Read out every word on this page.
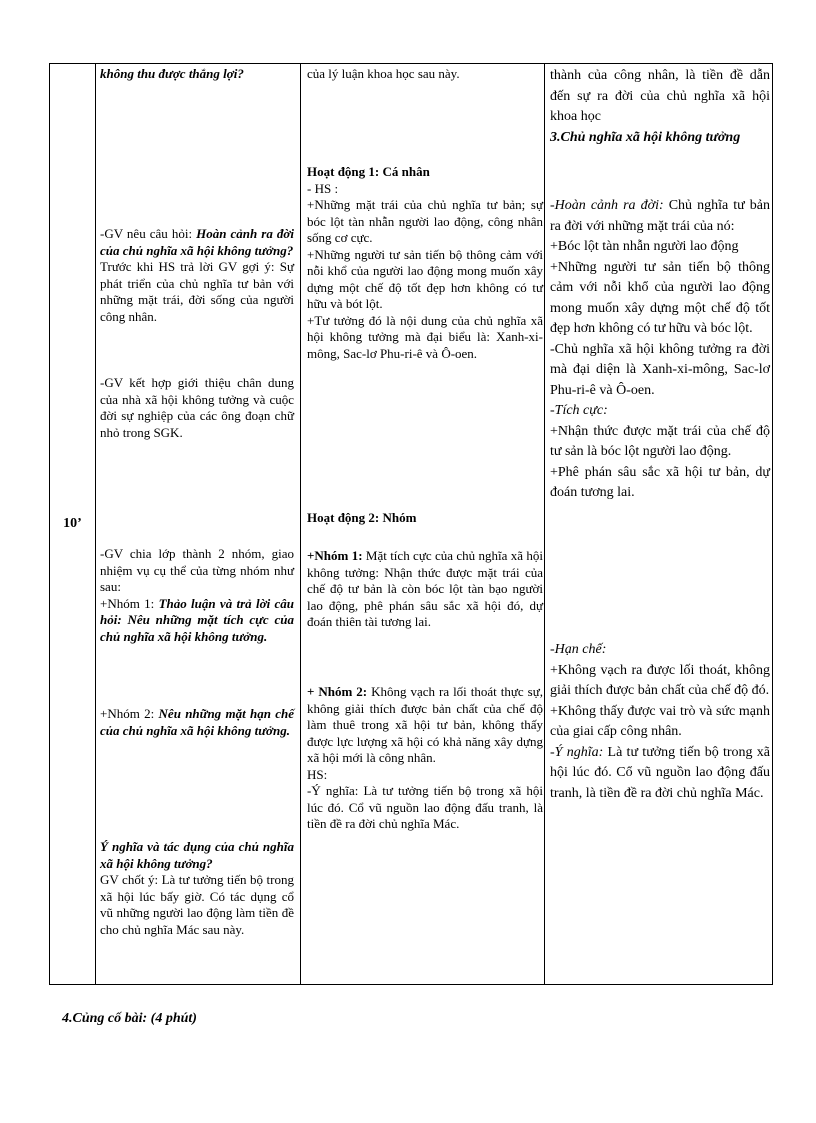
10’

không thu được thắng lợi?

-GV nêu câu hỏi: Hoàn cảnh ra đời của chủ nghĩa xã hội không tưởng?

Trước khi HS trả lời GV gợi ý: Sự phát triển của chủ nghĩa tư bản với những mặt trái, đời sống của người công nhân.

-GV kết hợp giới thiệu chân dung của nhà xã hội không tưởng và cuộc đời sự nghiệp của các ông đoạn chữ nhỏ trong SGK.

-GV chia lớp thành 2 nhóm, giao nhiệm vụ cụ thể của từng nhóm như sau:

+Nhóm 1: Thảo luận và trả lời câu hỏi: Nêu những mặt tích cực của chủ nghĩa xã hội không tưởng.

+Nhóm 2: Nêu những mặt hạn chế của chủ nghĩa xã hội không tưởng.

Ý nghĩa và tác dụng của chủ nghĩa xã hội không tưởng?

GV chốt ý: Là tư tưởng tiến bộ trong xã hội lúc bấy giờ. Có tác dụng cổ vũ những người lao động làm tiền đề cho chủ nghĩa Mác sau này.

của lý luận khoa học sau này.

Hoạt động 1: Cá nhân

- HS :

+Những mặt trái của chủ nghĩa tư bản; sự bóc lột tàn nhẫn người lao động, công nhân sống cơ cực.

+Những người tư sản tiến bộ thông cảm với nỗi khổ của người lao động mong muốn xây dựng một chế độ tốt đẹp hơn không có tư hữu và bót lột.

+Tư tưởng đó là nội dung của chủ nghĩa xã hội không tưởng mà đại biểu là: Xanh-xi-mông, Sac-lơ Phu-ri-ê và Ô-oen.

Hoạt động 2: Nhóm

+Nhóm 1: Mặt tích cực của chủ nghĩa xã hội không tưởng: Nhận thức được mặt trái của chế độ tư bản là còn bóc lột tàn bạo người lao động, phê phán sâu sắc xã hội đó, dự đoán thiên tài tương lai.

+ Nhóm 2: Không vạch ra lối thoát thực sự, không giải thích được bản chất của chế độ làm thuê trong xã hội tư bản, không thấy được lực lượng xã hội có khả năng xây dựng xã hội mới là công nhân.

HS:

-Ý nghĩa: Là tư tưởng tiến bộ trong xã hội lúc đó. Cổ vũ nguồn lao động đấu tranh, là tiền đề ra đời chủ nghĩa Mác.

thành của công nhân, là tiền đề dẫn đến sự ra đời của chủ nghĩa xã hội khoa học

3.Chủ nghĩa xã hội không tưởng

-Hoàn cảnh ra đời: Chủ nghĩa tư bản ra đời với những mặt trái của nó:

+Bóc lột tàn nhẫn người lao động

+Những người tư sản tiến bộ thông cảm với nỗi khổ của người lao động mong muốn xây dựng một chế độ tốt đẹp hơn không có tư hữu và bóc lột.

-Chủ nghĩa xã hội không tưởng ra đời mà đại diện là Xanh-xi-mông, Sac-lơ Phu-ri-ê và Ô-oen.

-Tích cực:

+Nhận thức được mặt trái của chế độ tư sản là bóc lột người lao động.

+Phê phán sâu sắc xã hội tư bản, dự đoán tương lai.

-Hạn chế:

+Không vạch ra được lối thoát, không giải thích được bản chất của chế độ đó.

+Không thấy được vai trò và sức mạnh của giai cấp công nhân.

-Ý nghĩa: Là tư tưởng tiến bộ trong xã hội lúc đó. Cổ vũ nguồn lao động đấu tranh, là tiền đề ra đời chủ nghĩa Mác.

4.Củng cố bài: (4 phút)
